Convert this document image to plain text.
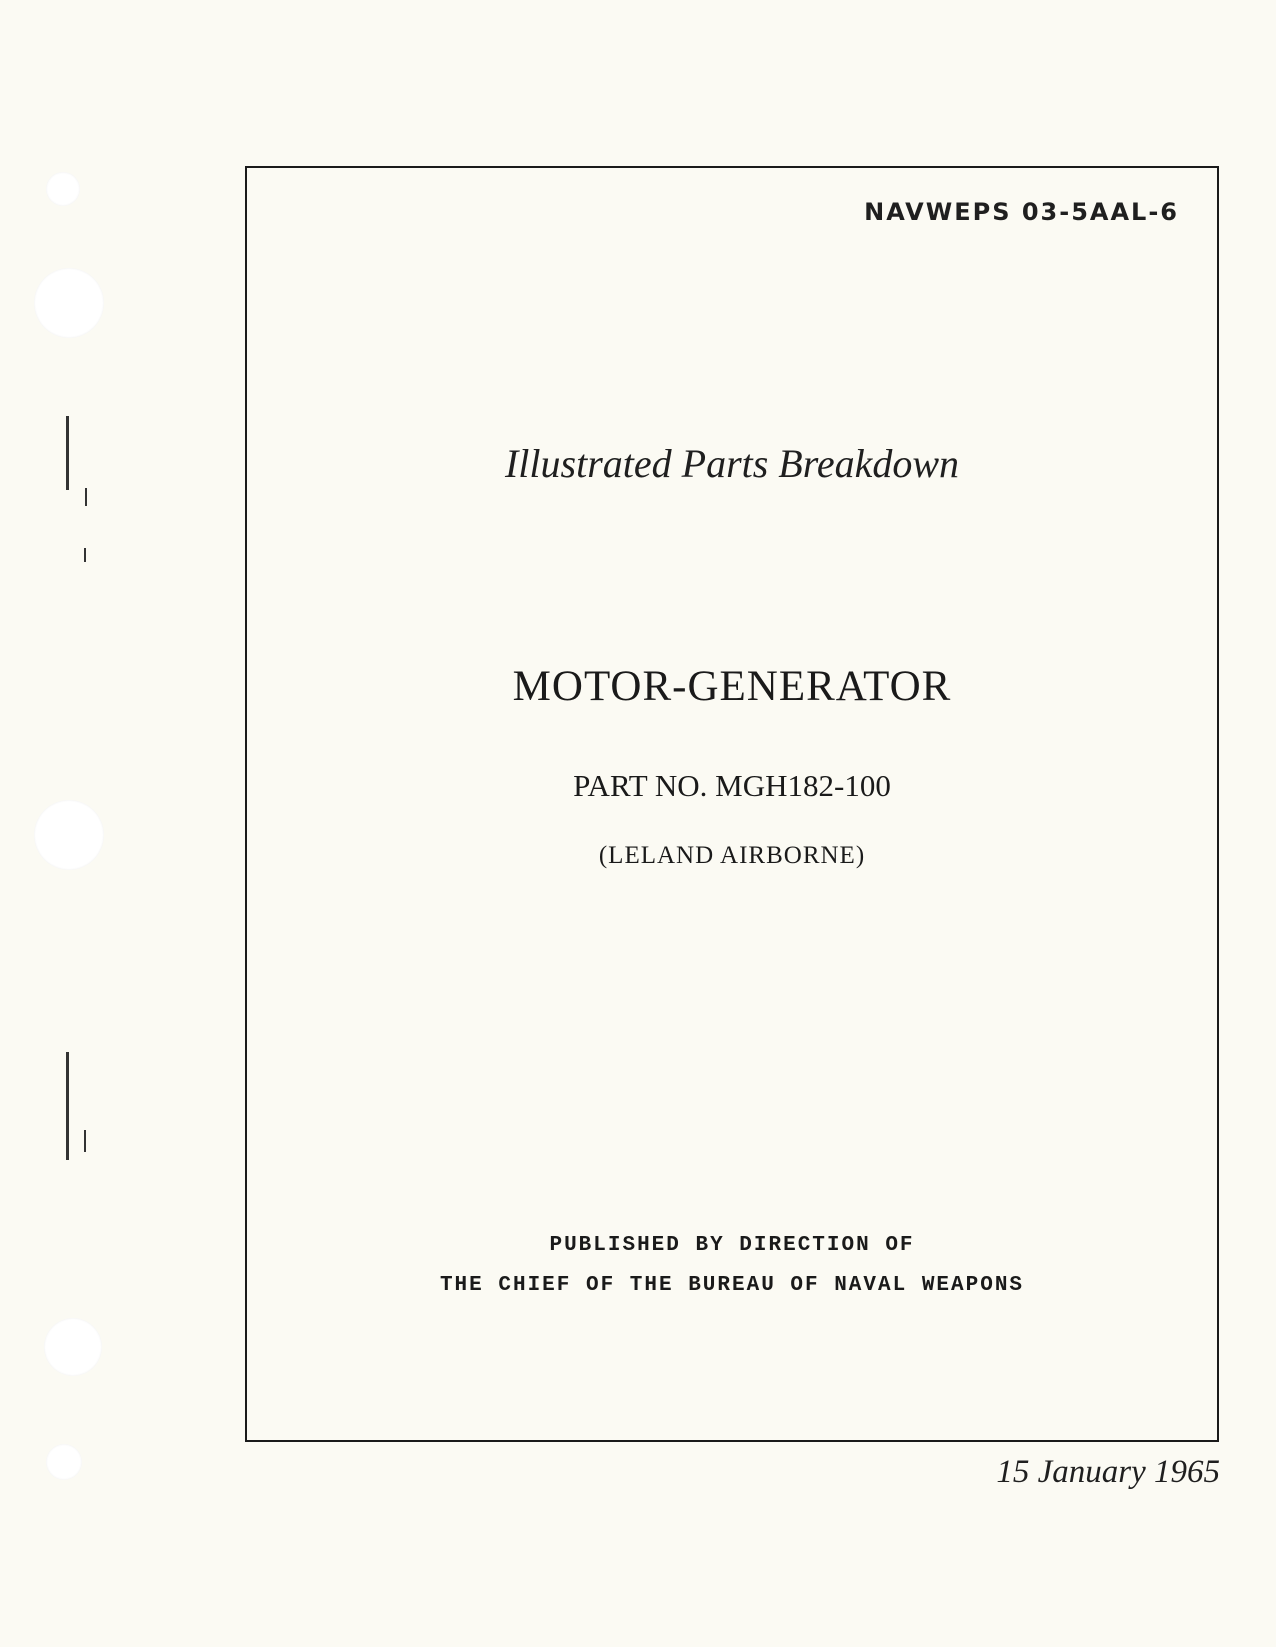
NAVWEPS 03-5AAL-6
Illustrated Parts Breakdown
MOTOR-GENERATOR
PART NO. MGH182-100
(LELAND AIRBORNE)
PUBLISHED BY DIRECTION OF
THE CHIEF OF THE BUREAU OF NAVAL WEAPONS
15 January 1965
